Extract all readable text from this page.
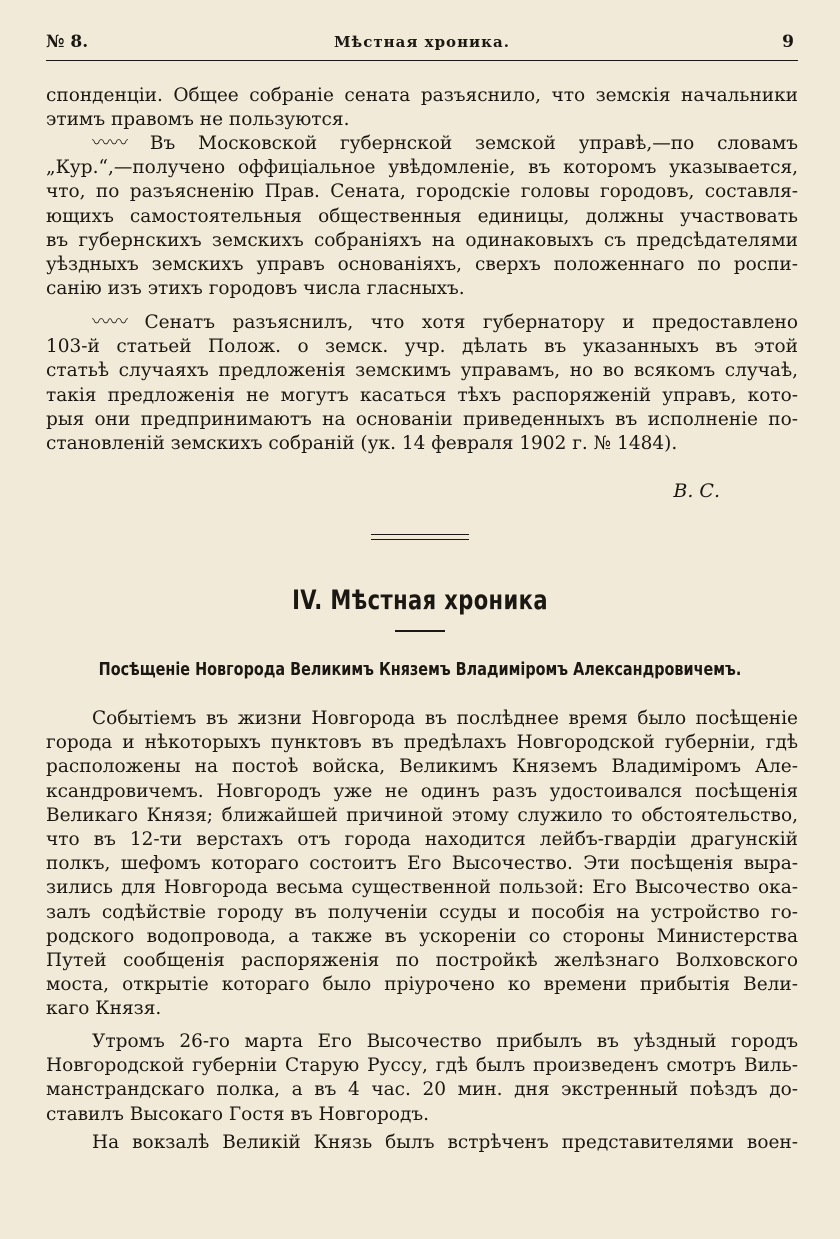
№ 8.	Мѣстная хроника.	9
спонденціи. Общее собраніе сената разъяснило, что земскія начальники
этимъ правомъ не пользуются.
〰〰 Въ Московской губернской земской управѣ,—по словамъ
„Кур.“,—получено оффиціальное увѣдомленіе, въ которомъ указывается,
что, по разъясненію Прав. Сената, городскіе головы городовъ, составля-
ющихъ самостоятельныя общественныя единицы, должны участвовать
въ губернскихъ земскихъ собраніяхъ на одинаковыхъ съ предсѣдателями
уѣздныхъ земскихъ управъ основаніяхъ, сверхъ положеннаго по роспи-
санію изъ этихъ городовъ числа гласныхъ.
〰〰 Сенатъ разъяснилъ, что хотя губернатору и предоставлено
103-й статьей Полож. о земск. учр. дѣлать въ указанныхъ въ этой
статьѣ случаяхъ предложенія земскимъ управамъ, но во всякомъ случаѣ,
такія предложенія не могутъ касаться тѣхъ распоряженій управъ, кото-
рыя они предпринимаютъ на основаніи приведенныхъ въ исполненіе по-
становленій земскихъ собраній (ук. 14 февраля 1902 г. № 1484).
В. С.
IV. Мѣстная хроника
Посѣщеніе Новгорода Великимъ Княземъ Владиміромъ Александровичемъ.
Событіемъ въ жизни Новгорода въ послѣднее время было посѣщеніе
города и нѣкоторыхъ пунктовъ въ предѣлахъ Новгородской губерніи, гдѣ
расположены на постоѣ войска, Великимъ Княземъ Владиміромъ Але-
ксандровичемъ. Новгородъ уже не одинъ разъ удостоивался посѣщенія
Великаго Князя; ближайшей причиной этому служило то обстоятельство,
что въ 12-ти верстахъ отъ города находится лейбъ-гвардіи драгунскій
полкъ, шефомъ которагo состоитъ Его Высочество. Эти посѣщенія выра-
зились для Новгорода весьма существенной пользой: Его Высочество ока-
залъ содѣйствіе городу въ полученіи ссуды и пособія на устройство го-
родского водопровода, а также въ ускореніи со стороны Министерства
Путей сообщенія распоряженія по постройкѣ желѣзнаго Волховского
моста, открытіе котораго было пріурочено ко времени прибытія Вели-
каго Князя.
Утромъ 26-го марта Его Высочество прибылъ въ уѣздный городъ
Новгородской губерніи Старую Руссу, гдѣ былъ произведенъ смотръ Виль-
манстрандскаго полка, а въ 4 час. 20 мин. дня экстренный поѣздъ до-
ставилъ Высокаго Гостя въ Новгородъ.
На вокзалѣ Великій Князь былъ встрѣченъ представителями воен-
